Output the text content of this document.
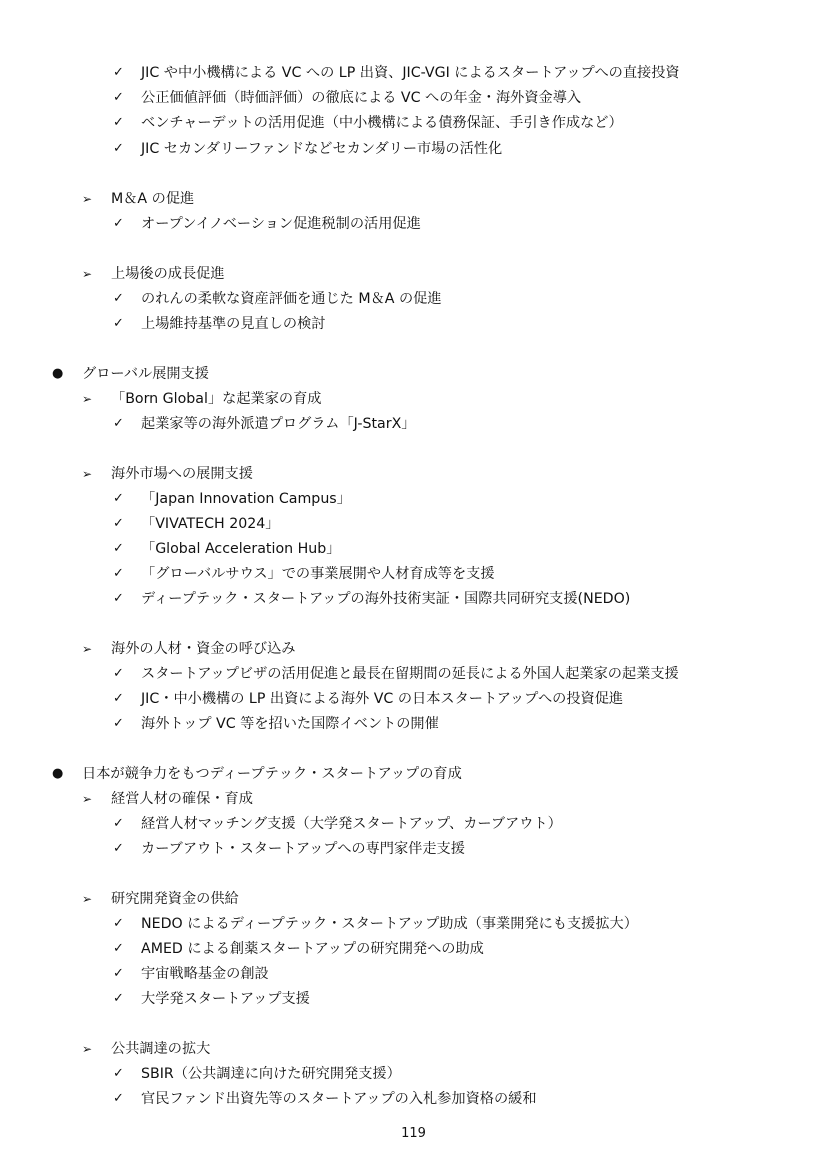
✓ JIC や中小機構による VC への LP 出資、JIC-VGI によるスタートアップへの直接投資
✓ 公正価値評価（時価評価）の徹底による VC への年金・海外資金導入
✓ ベンチャーデットの活用促進（中小機構による債務保証、手引き作成など）
✓ JIC セカンダリーファンドなどセカンダリー市場の活性化
➢ M＆A の促進
✓ オープンイノベーション促進税制の活用促進
➢ 上場後の成長促進
✓ のれんの柔軟な資産評価を通じた M＆A の促進
✓ 上場維持基準の見直しの検討
● グローバル展開支援
➢ 「Born Global」な起業家の育成
✓ 起業家等の海外派遣プログラム「J-StarX」
➢ 海外市場への展開支援
✓ 「Japan Innovation Campus」
✓ 「VIVATECH 2024」
✓ 「Global Acceleration Hub」
✓ 「グローバルサウス」での事業展開や人材育成等を支援
✓ ディープテック・スタートアップの海外技術実証・国際共同研究支援(NEDO)
➢ 海外の人材・資金の呼び込み
✓ スタートアップビザの活用促進と最長在留期間の延長による外国人起業家の起業支援
✓ JIC・中小機構の LP 出資による海外 VC の日本スタートアップへの投資促進
✓ 海外トップ VC 等を招いた国際イベントの開催
● 日本が競争力をもつディープテック・スタートアップの育成
➢ 経営人材の確保・育成
✓ 経営人材マッチング支援（大学発スタートアップ、カーブアウト）
✓ カーブアウト・スタートアップへの専門家伴走支援
➢ 研究開発資金の供給
✓ NEDO によるディープテック・スタートアップ助成（事業開発にも支援拡大）
✓ AMED による創薬スタートアップの研究開発への助成
✓ 宇宙戦略基金の創設
✓ 大学発スタートアップ支援
➢ 公共調達の拡大
✓ SBIR（公共調達に向けた研究開発支援）
✓ 官民ファンド出資先等のスタートアップの入札参加資格の緩和
119
